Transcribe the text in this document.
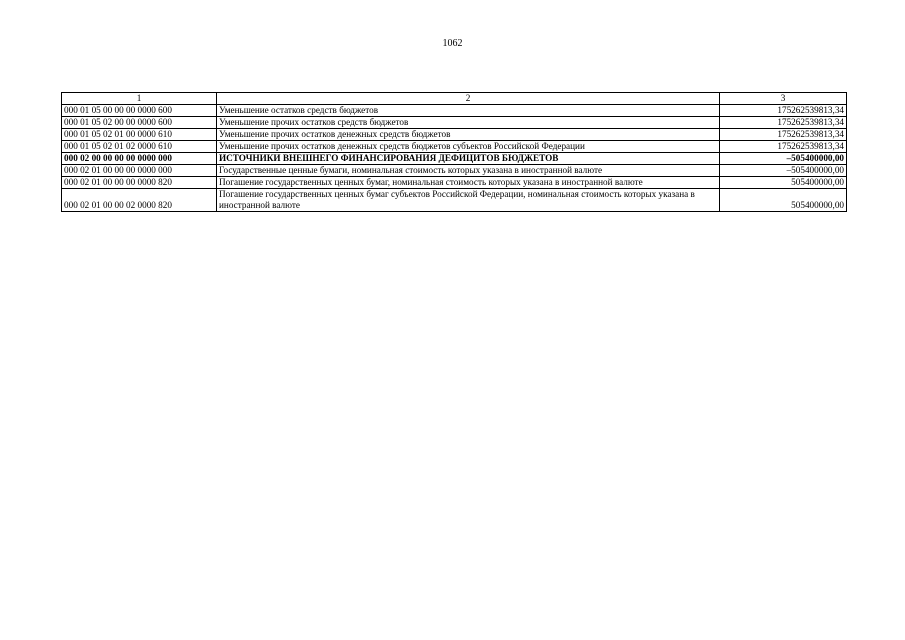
1062
1	2	3
000 01 05 00 00 00 0000 600	Уменьшение остатков средств бюджетов	175262539813,34
000 01 05 02 00 00 0000 600	Уменьшение прочих остатков средств бюджетов	175262539813,34
000 01 05 02 01 00 0000 610	Уменьшение прочих остатков денежных средств бюджетов	175262539813,34
000 01 05 02 01 02 0000 610	Уменьшение прочих остатков денежных средств бюджетов субъектов Российской Федерации	175262539813,34
000 02 00 00 00 00 0000 000	ИСТОЧНИКИ ВНЕШНЕГО ФИНАНСИРОВАНИЯ ДЕФИЦИТОВ БЮДЖЕТОВ	–505400000,00
000 02 01 00 00 00 0000 000	Государственные ценные бумаги, номинальная стоимость которых указана в иностранной валюте	–505400000,00
000 02 01 00 00 00 0000 820	Погашение государственных ценных бумаг, номинальная стоимость которых указана в иностранной валюте	505400000,00
000 02 01 00 00 02 0000 820	Погашение государственных ценных бумаг субъектов Российской Федерации, номинальная стоимость которых указана в иностранной валюте	505400000,00
